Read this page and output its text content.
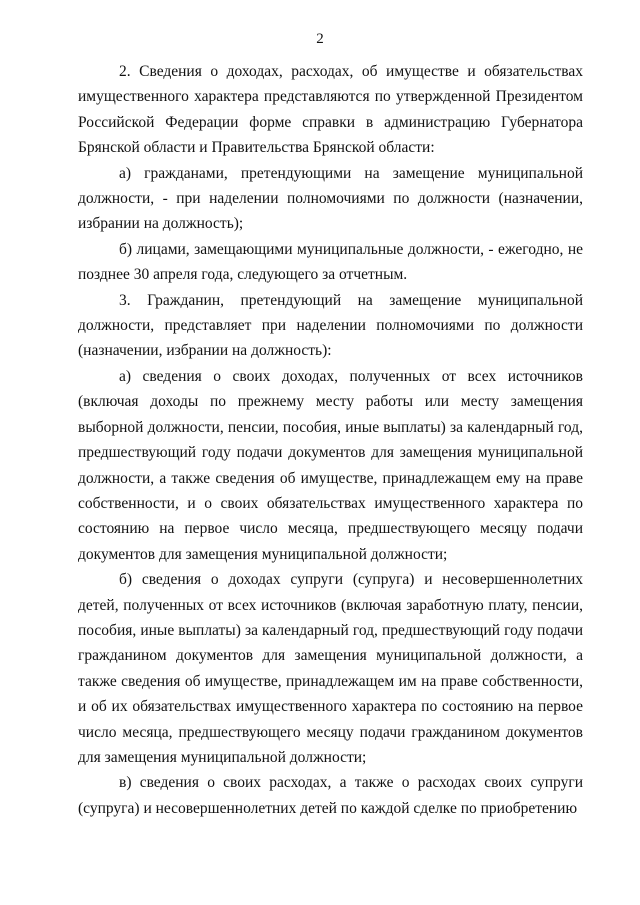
2

2. Сведения о доходах, расходах, об имуществе и обязательствах имущественного характера представляются по утвержденной Президентом Российской Федерации форме справки в администрацию Губернатора Брянской области и Правительства Брянской области:

а) гражданами, претендующими на замещение муниципальной должности, - при наделении полномочиями по должности (назначении, избрании на должность);

б) лицами, замещающими муниципальные должности, - ежегодно, не позднее 30 апреля года, следующего за отчетным.

3. Гражданин, претендующий на замещение муниципальной должности, представляет при наделении полномочиями по должности (назначении, избрании на должность):

а) сведения о своих доходах, полученных от всех источников (включая доходы по прежнему месту работы или месту замещения выборной должности, пенсии, пособия, иные выплаты) за календарный год, предшествующий году подачи документов для замещения муниципальной должности, а также сведения об имуществе, принадлежащем ему на праве собственности, и о своих обязательствах имущественного характера по состоянию на первое число месяца, предшествующего месяцу подачи документов для замещения муниципальной должности;

б) сведения о доходах супруги (супруга) и несовершеннолетних детей, полученных от всех источников (включая заработную плату, пенсии, пособия, иные выплаты) за календарный год, предшествующий году подачи гражданином документов для замещения муниципальной должности, а также сведения об имуществе, принадлежащем им на праве собственности, и об их обязательствах имущественного характера по состоянию на первое число месяца, предшествующего месяцу подачи гражданином документов для замещения муниципальной должности;

в) сведения о своих расходах, а также о расходах своих супруги (супруга) и несовершеннолетних детей по каждой сделке по приобретению
